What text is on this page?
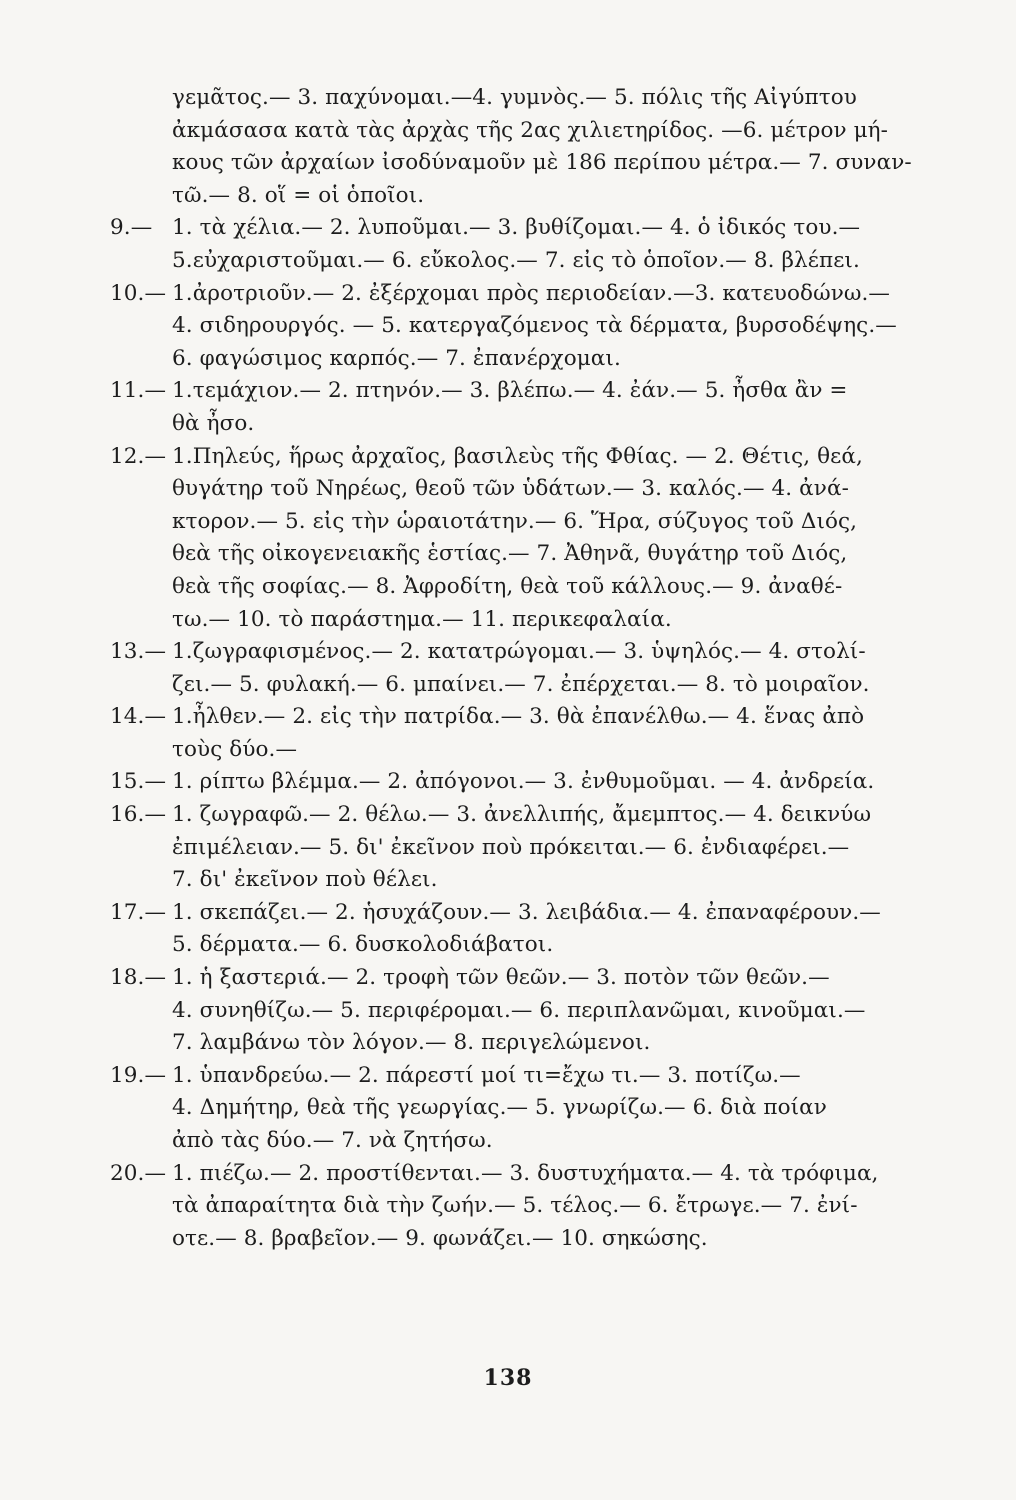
γεμᾶτος.— 3. παχύνομαι.—4. γυμνὸς.— 5. πόλις τῆς Αἰγύπτου
ἀκμάσασα κατὰ τὰς ἀρχὰς τῆς 2ας χιλιετηρίδος. —6. μέτρον μή-
κους τῶν ἀρχαίων ἰσοδύναμοῦν μὲ 186 περίπου μέτρα.— 7. συναν-
τῶ.— 8. οἵ = οἱ ὁποῖοι.
9.— 1. τὰ χέλια.— 2. λυποῦμαι.— 3. βυθίζομαι.— 4. ὁ ἰδικός του.—
5.εὐχαριστοῦμαι.— 6. εὔκολος.— 7. εἰς τὸ ὁποῖον.— 8. βλέπει.
10.— 1.ἀροτριοῦν.— 2. ἐξέρχομαι πρὸς περιοδείαν.—3. κατευοδώνω.—
4. σιδηρουργός. — 5. κατεργαζόμενος τὰ δέρματα, βυρσοδέψης.—
6. φαγώσιμος καρπός.— 7. ἐπανέρχομαι.
11.— 1.τεμάχιον.— 2. πτηνόν.— 3. βλέπω.— 4. ἐάν.— 5. ἦσθα ἂν =
θὰ ἦσο.
12.— 1.Πηλεύς, ἥρως ἀρχαῖος, βασιλεὺς τῆς Φθίας. — 2. Θέτις, θεά,
θυγάτηρ τοῦ Νηρέως, θεοῦ τῶν ὑδάτων.— 3. καλός.— 4. ἀνά-
κτορον.— 5. εἰς τὴν ὡραιοτάτην.— 6. Ἥρα, σύζυγος τοῦ Διός,
θεὰ τῆς οἰκογενειακῆς ἑστίας.— 7. Ἀθηνᾶ, θυγάτηρ τοῦ Διός,
θεὰ τῆς σοφίας.— 8. Ἀφροδίτη, θεὰ τοῦ κάλλους.— 9. ἀναθέ-
τω.— 10. τὸ παράστημα.— 11. περικεφαλαία.
13.— 1.ζωγραφισμένος.— 2. κατατρώγομαι.— 3. ὑψηλός.— 4. στολί-
ζει.— 5. φυλακή.— 6. μπαίνει.— 7. ἐπέρχεται.— 8. τὸ μοιραῖον.
14.— 1.ἦλθεν.— 2. εἰς τὴν πατρίδα.— 3. θὰ ἐπανέλθω.— 4. ἕνας ἀπὸ
τοὺς δύο.—
15.— 1. ρίπτω βλέμμα.— 2. ἀπόγονοι.— 3. ἐνθυμοῦμαι. — 4. ἀνδρεία.
16.— 1. ζωγραφῶ.— 2. θέλω.— 3. ἀνελλιπής, ἄμεμπτος.— 4. δεικνύω
ἐπιμέλειαν.— 5. δι' ἐκεῖνον ποὺ πρόκειται.— 6. ἐνδιαφέρει.—
7. δι' ἐκεῖνον ποὺ θέλει.
17.— 1. σκεπάζει.— 2. ἡσυχάζουν.— 3. λειβάδια.— 4. ἐπαναφέρουν.—
5. δέρματα.— 6. δυσκολοδιάβατοι.
18.— 1. ἡ ξαστεριά.— 2. τροφὴ τῶν θεῶν.— 3. ποτὸν τῶν θεῶν.—
4. συνηθίζω.— 5. περιφέρομαι.— 6. περιπλανῶμαι, κινοῦμαι.—
7. λαμβάνω τὸν λόγον.— 8. περιγελώμενοι.
19.— 1. ὑπανδρεύω.— 2. πάρεστί μοί τι=ἔχω τι.— 3. ποτίζω.—
4. Δημήτηρ, θεὰ τῆς γεωργίας.— 5. γνωρίζω.— 6. διὰ ποίαν
ἀπὸ τὰς δύο.— 7. νὰ ζητήσω.
20.— 1. πιέζω.— 2. προστίθενται.— 3. δυστυχήματα.— 4. τὰ τρόφιμα,
τὰ ἀπαραίτητα διὰ τὴν ζωήν.— 5. τέλος.— 6. ἔτρωγε.— 7. ἐνί-
οτε.— 8. βραβεῖον.— 9. φωνάζει.— 10. σηκώσης.
138
